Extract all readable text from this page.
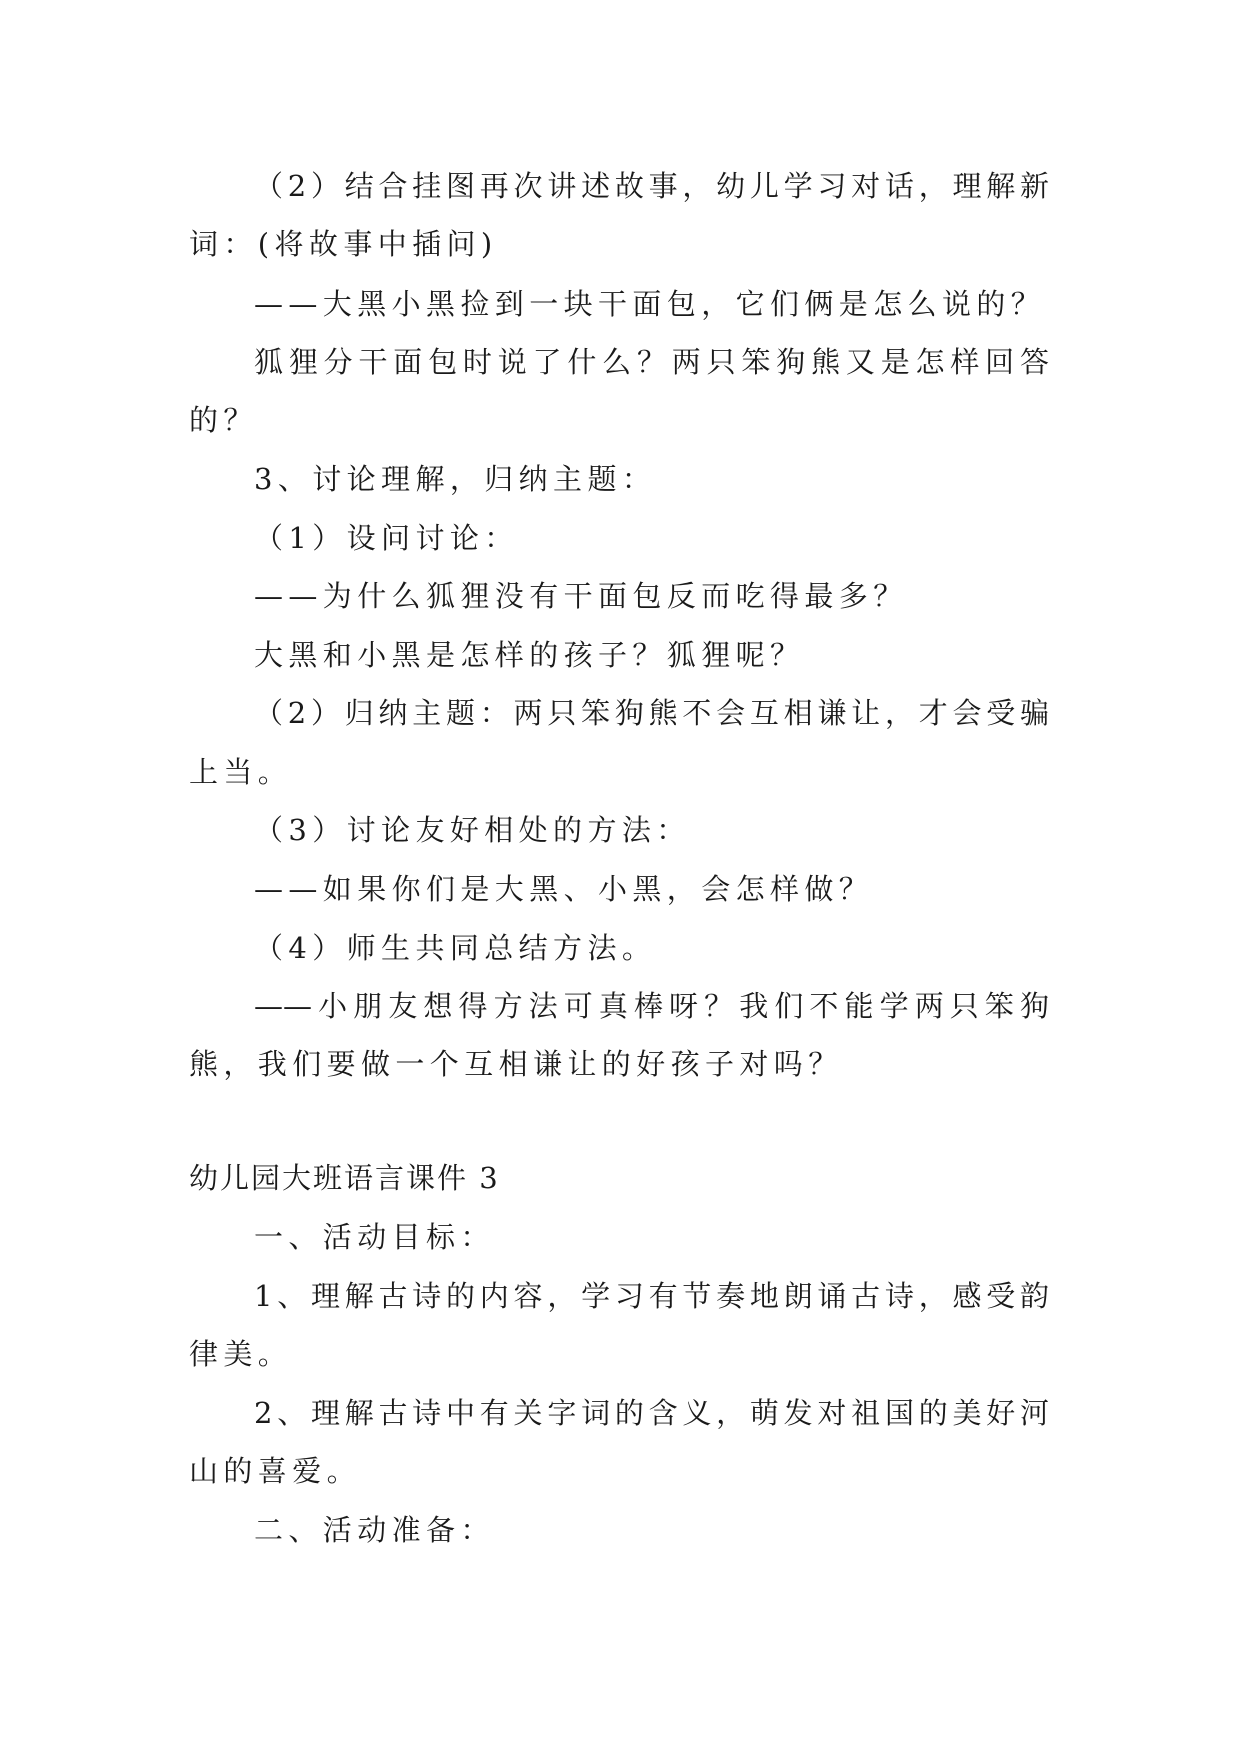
（2）结合挂图再次讲述故事，幼儿学习对话，理解新
词：(将故事中插问)
——大黑小黑捡到一块干面包，它们俩是怎么说的？
狐狸分干面包时说了什么？两只笨狗熊又是怎样回答
的？
3、讨论理解，归纳主题：
（1）设问讨论：
——为什么狐狸没有干面包反而吃得最多？
大黑和小黑是怎样的孩子？狐狸呢？
（2）归纳主题：两只笨狗熊不会互相谦让，才会受骗
上当。
（3）讨论友好相处的方法：
——如果你们是大黑、小黑，会怎样做？
（4）师生共同总结方法。
——小朋友想得方法可真棒呀？我们不能学两只笨狗
熊，我们要做一个互相谦让的好孩子对吗？
幼儿园大班语言课件 3
一、活动目标：
1、理解古诗的内容，学习有节奏地朗诵古诗，感受韵
律美。
2、理解古诗中有关字词的含义，萌发对祖国的美好河
山的喜爱。
二、活动准备：
